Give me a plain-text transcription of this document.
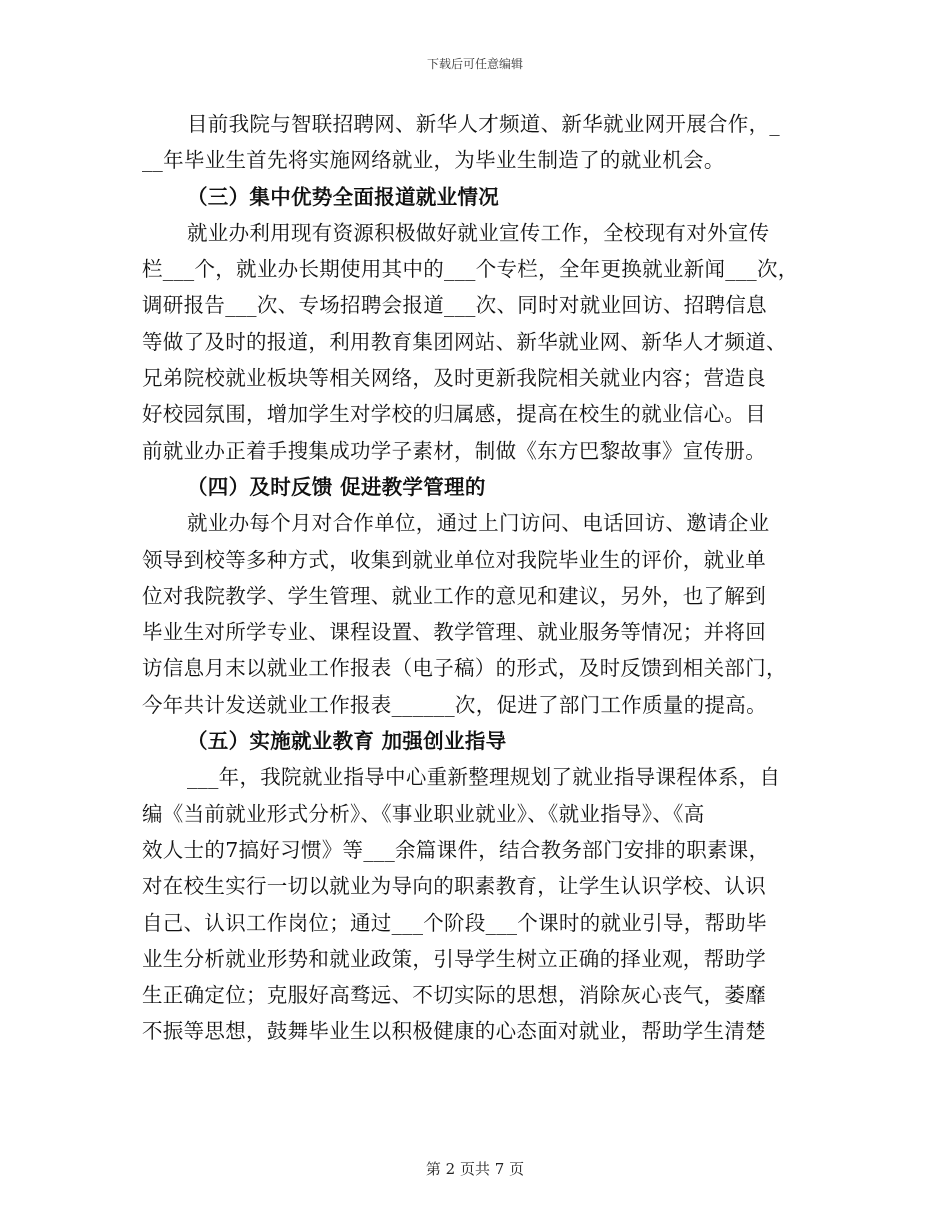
下载后可任意编辑
目前我院与智联招聘网、新华人才频道、新华就业网开展合作，_
__年毕业生首先将实施网络就业，为毕业生制造了的就业机会。
（三）集中优势全面报道就业情况
就业办利用现有资源积极做好就业宣传工作，全校现有对外宣传
栏___个，就业办长期使用其中的___个专栏，全年更换就业新闻___次，
调研报告___次、专场招聘会报道___次、同时对就业回访、招聘信息
等做了及时的报道，利用教育集团网站、新华就业网、新华人才频道、
兄弟院校就业板块等相关网络，及时更新我院相关就业内容；营造良
好校园氛围，增加学生对学校的归属感，提高在校生的就业信心。目
前就业办正着手搜集成功学子素材，制做《东方巴黎故事》宣传册。
（四）及时反馈 促进教学管理的
就业办每个月对合作单位，通过上门访问、电话回访、邀请企业
领导到校等多种方式，收集到就业单位对我院毕业生的评价，就业单
位对我院教学、学生管理、就业工作的意见和建议，另外，也了解到
毕业生对所学专业、课程设置、教学管理、就业服务等情况；并将回
访信息月末以就业工作报表（电子稿）的形式，及时反馈到相关部门，
今年共计发送就业工作报表______次，促进了部门工作质量的提高。
（五）实施就业教育 加强创业指导
___年，我院就业指导中心重新整理规划了就业指导课程体系，自
编《当前就业形式分析》、《事业职业就业》、《就业指导》、《高
效人士的7搞好习惯》等___余篇课件，结合教务部门安排的职素课，
对在校生实行一切以就业为导向的职素教育，让学生认识学校、认识
自己、认识工作岗位；通过___个阶段___个课时的就业引导，帮助毕
业生分析就业形势和就业政策，引导学生树立正确的择业观，帮助学
生正确定位；克服好高骛远、不切实际的思想，消除灰心丧气，萎靡
不振等思想，鼓舞毕业生以积极健康的心态面对就业，帮助学生清楚
第 2 页共 7 页
